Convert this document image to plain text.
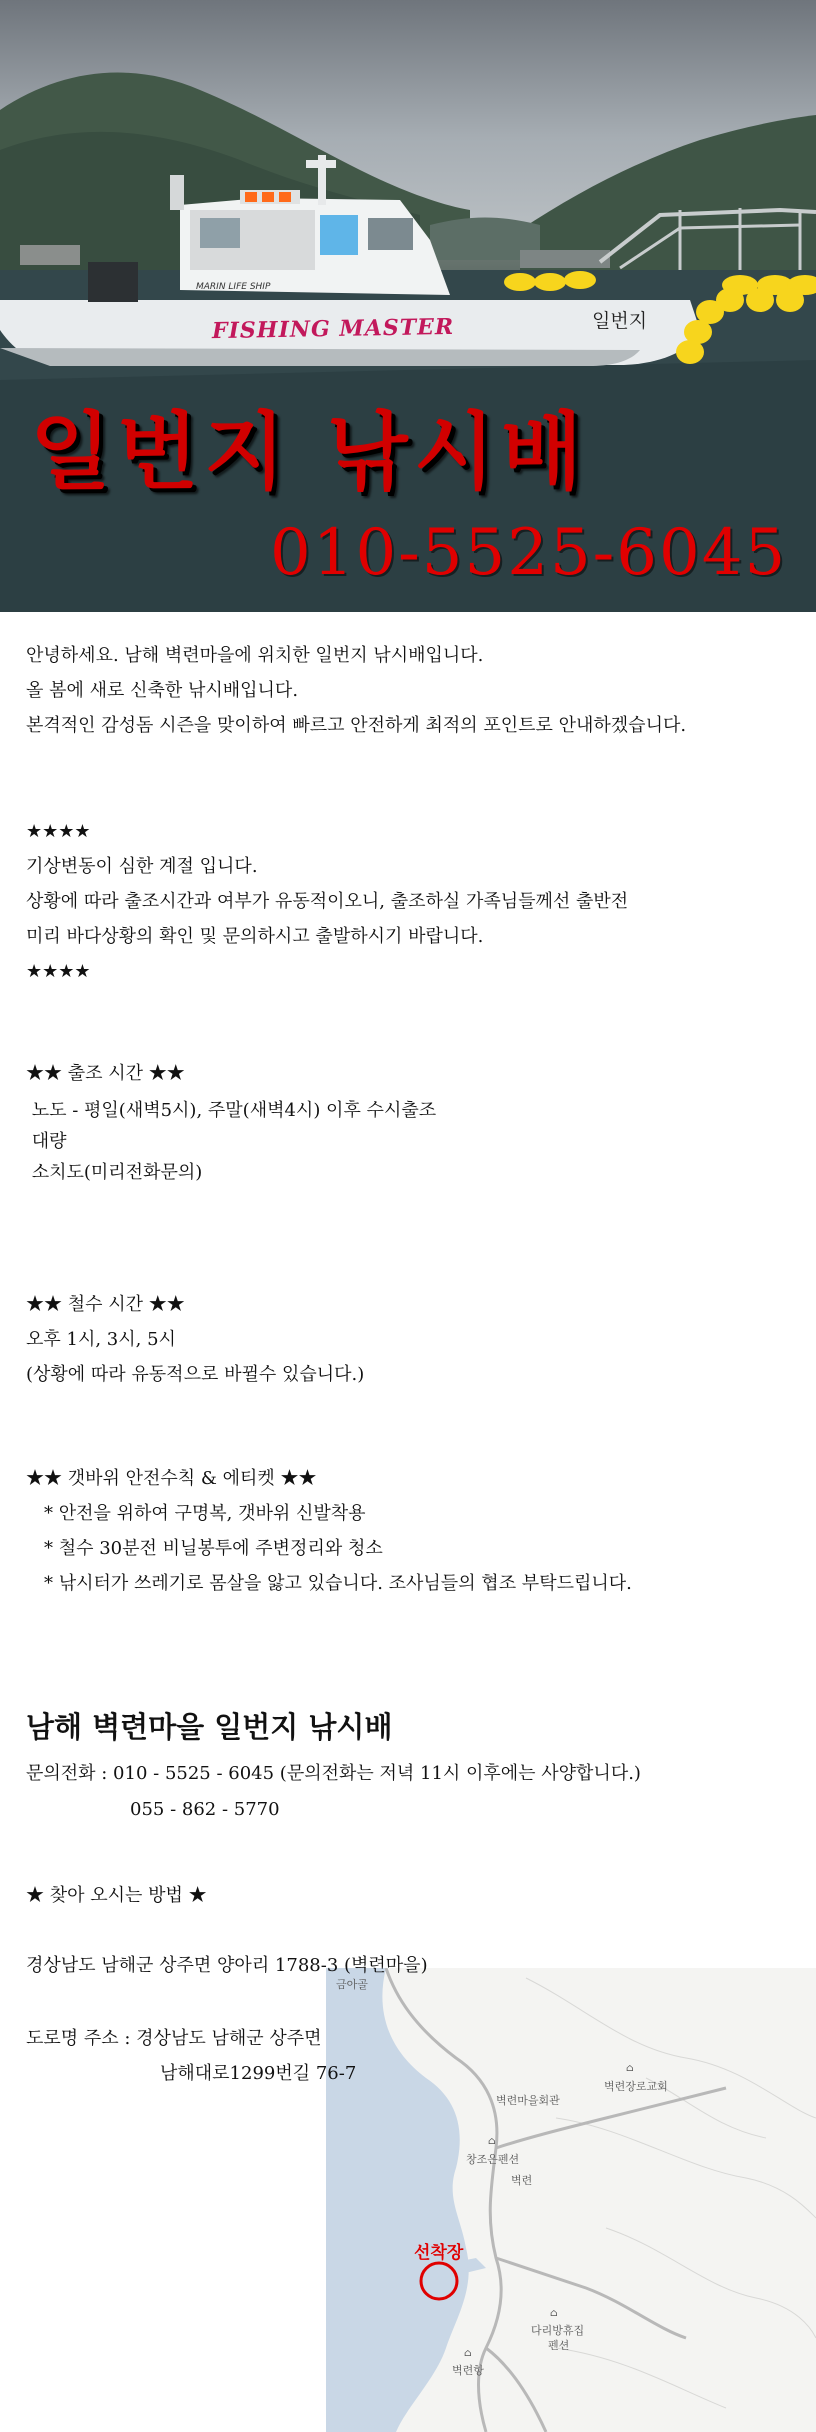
MARIN LIFE SHIP
FISHING MASTER	일번지
일번지 낚시배
010-5525-6045
안녕하세요. 남해 벽련마을에 위치한 일번지 낚시배입니다.
올 봄에 새로 신축한 낚시배입니다.
본격적인 감성돔 시즌을 맞이하여 빠르고 안전하게 최적의 포인트로 안내하겠습니다.
★★★★
기상변동이 심한 계절 입니다.
상황에 따라 출조시간과 여부가 유동적이오니, 출조하실 가족님들께선 출반전
미리 바다상황의 확인 및 문의하시고 출발하시기 바랍니다.
★★★★
★★ 출조 시간 ★★
노도 - 평일(새벽5시), 주말(새벽4시) 이후 수시출조
대량
소치도(미리전화문의)
★★ 철수 시간 ★★
오후 1시, 3시, 5시
(상황에 따라 유동적으로 바뀔수 있습니다.)
★★ 갯바위 안전수칙 & 에티켓 ★★
* 안전을 위하여 구명복, 갯바위 신발착용
* 철수 30분전 비닐봉투에 주변정리와 청소
* 낚시터가 쓰레기로 몸살을 앓고 있습니다. 조사님들의 협조 부탁드립니다.
남해 벽련마을 일번지 낚시배
문의전화 : 010 - 5525 - 6045 (문의전화는 저녁 11시 이후에는 사양합니다.)
055 - 862 - 5770
★ 찾아 오시는 방법 ★
금아골
⌂
벽련장로교회
벽련마을회관
⌂
창조은펜션
벽련
선착장
⌂
다리방휴집
펜션
⌂
벽련항
경상남도 남해군 상주면 양아리 1788-3 (벽련마을)
도로명 주소 : 경상남도 남해군 상주면
남해대로1299번길 76-7
